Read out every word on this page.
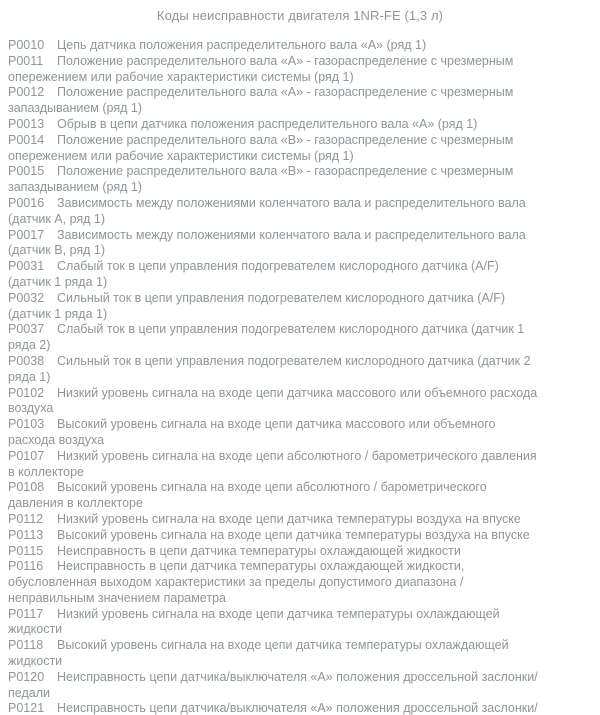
Коды неисправности двигателя 1NR-FE (1,3 л)

P0010 Цепь датчика положения распределительного вала «А» (ряд 1)

P0011 Положение распределительного вала «А» - газораспределение с чрезмерным
опережением или рабочие характеристики системы (ряд 1)

P0012 Положение распределительного вала «А» - газораспределение с чрезмерным
запаздыванием (ряд 1)

P0013 Обрыв в цепи датчика положения распределительного вала «А» (ряд 1)

P0014 Положение распределительного вала «В» - газораспределение с чрезмерным
опережением или рабочие характеристики системы (ряд 1)

P0015 Положение распределительного вала «В» - газораспределение с чрезмерным
запаздыванием (ряд 1)

P0016 Зависимость между положениями коленчатого вала и распределительного вала
(датчик А, ряд 1)

P0017 Зависимость между положениями коленчатого вала и распределительного вала
(датчик В, ряд 1)

P0031 Слабый ток в цепи управления подогревателем кислородного датчика (A/F)
(датчик 1 ряда 1)

P0032 Сильный ток в цепи управления подогревателем кислородного датчика (A/F)
(датчик 1 ряда 1)

P0037 Слабый ток в цепи управления подогревателем кислородного датчика (датчик 1
ряда 2)

P0038 Сильный ток в цепи управления подогревателем кислородного датчика (датчик 2
ряда 1)

P0102 Низкий уровень сигнала на входе цепи датчика массового или объемного расхода
воздуха

P0103 Высокий уровень сигнала на входе цепи датчика массового или объемного
расхода воздуха

P0107 Низкий уровень сигнала на входе цепи абсолютного / барометрического давления
в коллекторе

P0108 Высокий уровень сигнала на входе цепи абсолютного / барометрического
давления в коллекторе

P0112 Низкий уровень сигнала на входе цепи датчика температуры воздуха на впуске

P0113 Высокий уровень сигнала на входе цепи датчика температуры воздуха на впуске

P0115 Неисправность в цепи датчика температуры охлаждающей жидкости

P0116 Неисправность в цепи датчика температуры охлаждающей жидкости,
обусловленная выходом характеристики за пределы допустимого диапазона /
неправильным значением параметра

P0117 Низкий уровень сигнала на входе цепи датчика температуры охлаждающей
жидкости

P0118 Высокий уровень сигнала на входе цепи датчика температуры охлаждающей
жидкости

P0120 Неисправность цепи датчика/выключателя «А» положения дроссельной заслонки/
педали

P0121 Неисправность цепи датчика/выключателя «А» положения дроссельной заслонки/
